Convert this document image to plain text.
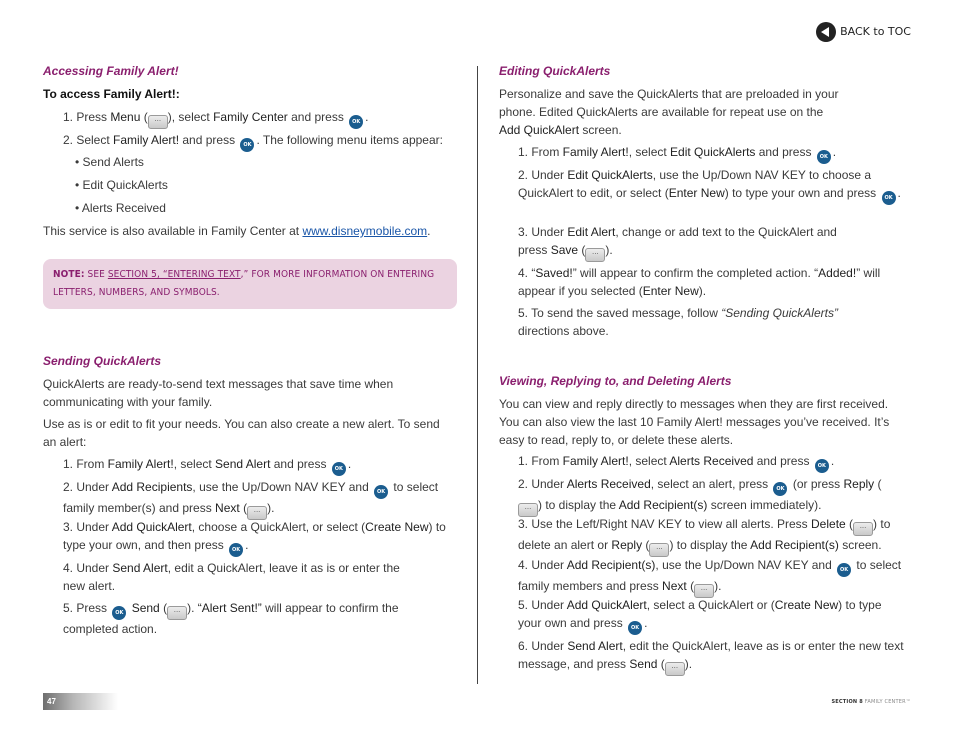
BACK to TOC
Accessing Family Alert!
To access Family Alert!:
1. Press Menu ( ··· ), select Family Center and press OK .
2. Select Family Alert! and press OK . The following menu items appear:
• Send Alerts
• Edit QuickAlerts
• Alerts Received
This service is also available in Family Center at www.disneymobile.com.
NOTE: SEE SECTION 5, “ENTERING TEXT,” FOR MORE INFORMATION ON ENTERING LETTERS, NUMBERS, AND SYMBOLS.
Sending QuickAlerts
QuickAlerts are ready-to-send text messages that save time when communicating with your family.
Use as is or edit to fit your needs. You can also create a new alert. To send an alert:
1. From Family Alert!, select Send Alert and press OK .
2. Under Add Recipients, use the Up/Down NAV KEY and OK to select family member(s) and press Next ( ··· ).
3. Under Add QuickAlert, choose a QuickAlert, or select (Create New) to type your own, and then press OK .
4. Under Send Alert, edit a QuickAlert, leave it as is or enter the new alert.
5. Press OK Send ( ··· ). “Alert Sent!” will appear to confirm the completed action.
Editing QuickAlerts
Personalize and save the QuickAlerts that are preloaded in your phone. Edited QuickAlerts are available for repeat use on the Add QuickAlert screen.
1. From Family Alert!, select Edit QuickAlerts and press OK .
2. Under Edit QuickAlerts, use the Up/Down NAV KEY to choose a QuickAlert to edit, or select (Enter New) to type your own and press OK .
3. Under Edit Alert, change or add text to the QuickAlert and press Save ( ··· ).
4. “Saved!” will appear to confirm the completed action. “Added!” will appear if you selected (Enter New).
5. To send the saved message, follow “Sending QuickAlerts” directions above.
Viewing, Replying to, and Deleting Alerts
You can view and reply directly to messages when they are first received. You can also view the last 10 Family Alert! messages you’ve received. It’s easy to read, reply to, or delete these alerts.
1. From Family Alert!, select Alerts Received and press OK .
2. Under Alerts Received, select an alert, press OK (or press Reply (··· ) to display the Add Recipient(s) screen immediately).
3. Use the Left/Right NAV KEY to view all alerts. Press Delete ( ··· ) to delete an alert or Reply ( ··· ) to display the Add Recipient(s) screen.
4. Under Add Recipient(s), use the Up/Down NAV KEY and OK to select family members and press Next ( ··· ).
5. Under Add QuickAlert, select a QuickAlert or (Create New) to type your own and press OK .
6. Under Send Alert, edit the QuickAlert, leave as is or enter the new text message, and press Send ( ··· ).
47	SECTION 8 FAMILY CENTER™
